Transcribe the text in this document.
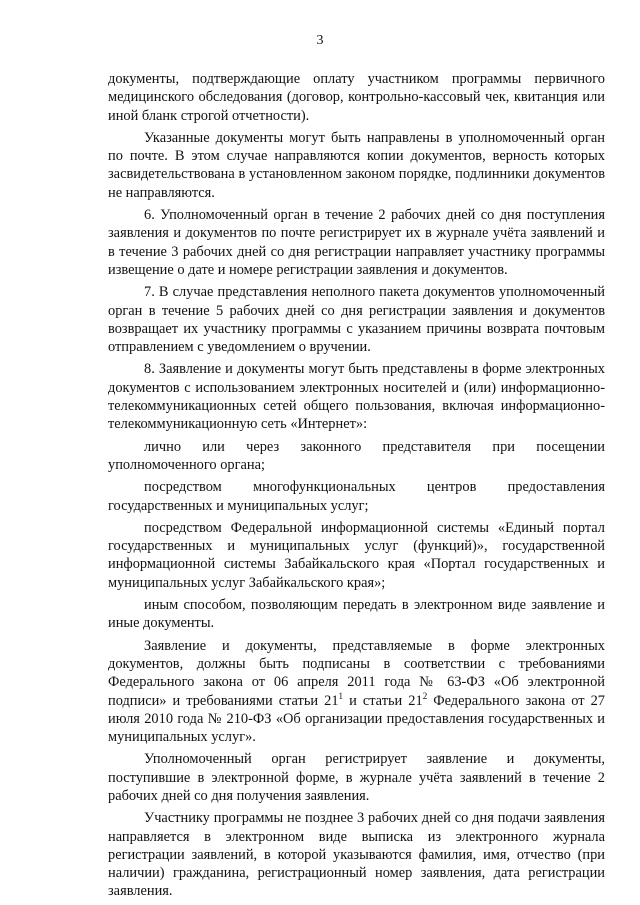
3

документы, подтверждающие оплату участником программы первичного медицинского обследования (договор, контрольно-кассовый чек, квитанция или иной бланк строгой отчетности).

Указанные документы могут быть направлены в уполномоченный орган по почте. В этом случае направляются копии документов, верность которых засвидетельствована в установленном законом порядке, подлинники документов не направляются.

6. Уполномоченный орган в течение 2 рабочих дней со дня поступления заявления и документов по почте регистрирует их в журнале учёта заявлений и в течение 3 рабочих дней со дня регистрации направляет участнику программы извещение о дате и номере регистрации заявления и документов.

7. В случае представления неполного пакета документов уполномоченный орган в течение 5 рабочих дней со дня регистрации заявления и документов возвращает их участнику программы с указанием причины возврата почтовым отправлением с уведомлением о вручении.

8. Заявление и документы могут быть представлены в форме электронных документов с использованием электронных носителей и (или) информационно-телекоммуникационных сетей общего пользования, включая информационно-телекоммуникационную сеть «Интернет»:

лично или через законного представителя при посещении уполномоченного органа;

посредством многофункциональных центров предоставления государственных и муниципальных услуг;

посредством Федеральной информационной системы «Единый портал государственных и муниципальных услуг (функций)», государственной информационной системы Забайкальского края «Портал государственных и муниципальных услуг Забайкальского края»;

иным способом, позволяющим передать в электронном виде заявление и иные документы.

Заявление и документы, представляемые в форме электронных документов, должны быть подписаны в соответствии с требованиями Федерального закона от 06 апреля 2011 года № 63-ФЗ «Об электронной подписи» и требованиями статьи $21^1$ и статьи $21^2$ Федерального закона от 27 июля 2010 года № 210-ФЗ «Об организации предоставления государственных и муниципальных услуг».

Уполномоченный орган регистрирует заявление и документы, поступившие в электронной форме, в журнале учёта заявлений в течение 2 рабочих дней со дня получения заявления.

Участнику программы не позднее 3 рабочих дней со дня подачи заявления направляется в электронном виде выписка из электронного журнала регистрации заявлений, в которой указываются фамилия, имя, отчество (при наличии) гражданина, регистрационный номер заявления, дата регистрации заявления.
